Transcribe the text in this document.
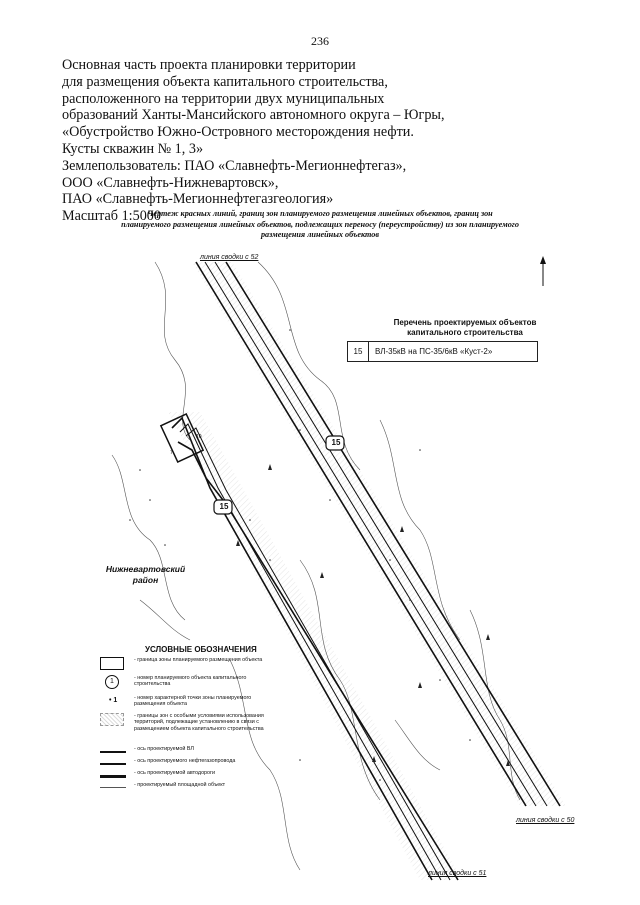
236
Основная часть проекта планировки территории
для размещения объекта капитального строительства,
расположенного на территории двух муниципальных
образований Ханты-Мансийского автономного округа – Югры,
«Обустройство Южно-Островного месторождения нефти.
Кусты скважин № 1, 3»
Землепользователь: ПАО «Славнефть-Мегионнефтегаз»,
ООО «Славнефть-Нижневартовск»,
ПАО «Славнефть-Мегионнефтегазгеология»
Масштаб 1:5000
Чертеж красных линий, границ зон планируемого размещения линейных объектов, границ зон
планируемого размещения линейных объектов, подлежащих переносу (переустройству) из зон планируемого
размещения линейных объектов
линия сводки с 52
линия сводки с 50
линия сводки с 51
15
15
10
7
Перечень проектируемых объектов
капитального строительства
15	ВЛ-35кВ на ПС-35/6кВ «Куст-2»
Нижневартовский
район
УСЛОВНЫЕ ОБОЗНАЧЕНИЯ
- граница зоны планируемого размещения объекта
1	- номер планируемого объекта капитального строительства
• 1	- номер характерной точки зоны планируемого размещения объекта
- границы зон с особыми условиями использования территорий, подлежащие установлению в связи с размещением объекта капитального строительства
- ось проектируемой ВЛ
- ось проектируемого нефтегазопровода
- ось проектируемой автодороги
- проектируемый площадной объект
